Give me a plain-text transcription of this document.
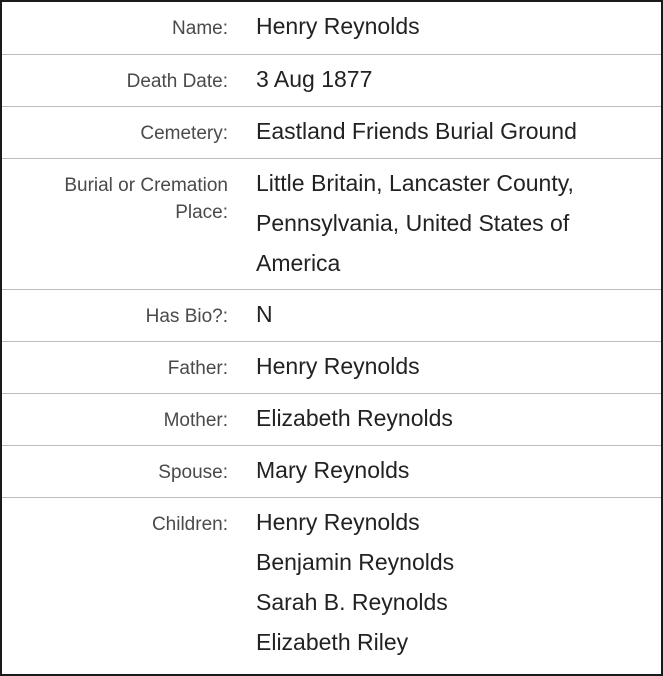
Name: Henry Reynolds
Death Date: 3 Aug 1877
Cemetery: Eastland Friends Burial Ground
Burial or Cremation
Place:
Little Britain, Lancaster County,
Pennsylvania, United States of
America
Has Bio?: N
Father: Henry Reynolds
Mother: Elizabeth Reynolds
Spouse: Mary Reynolds
Children: Henry Reynolds
Benjamin Reynolds
Sarah B. Reynolds
Elizabeth Riley
